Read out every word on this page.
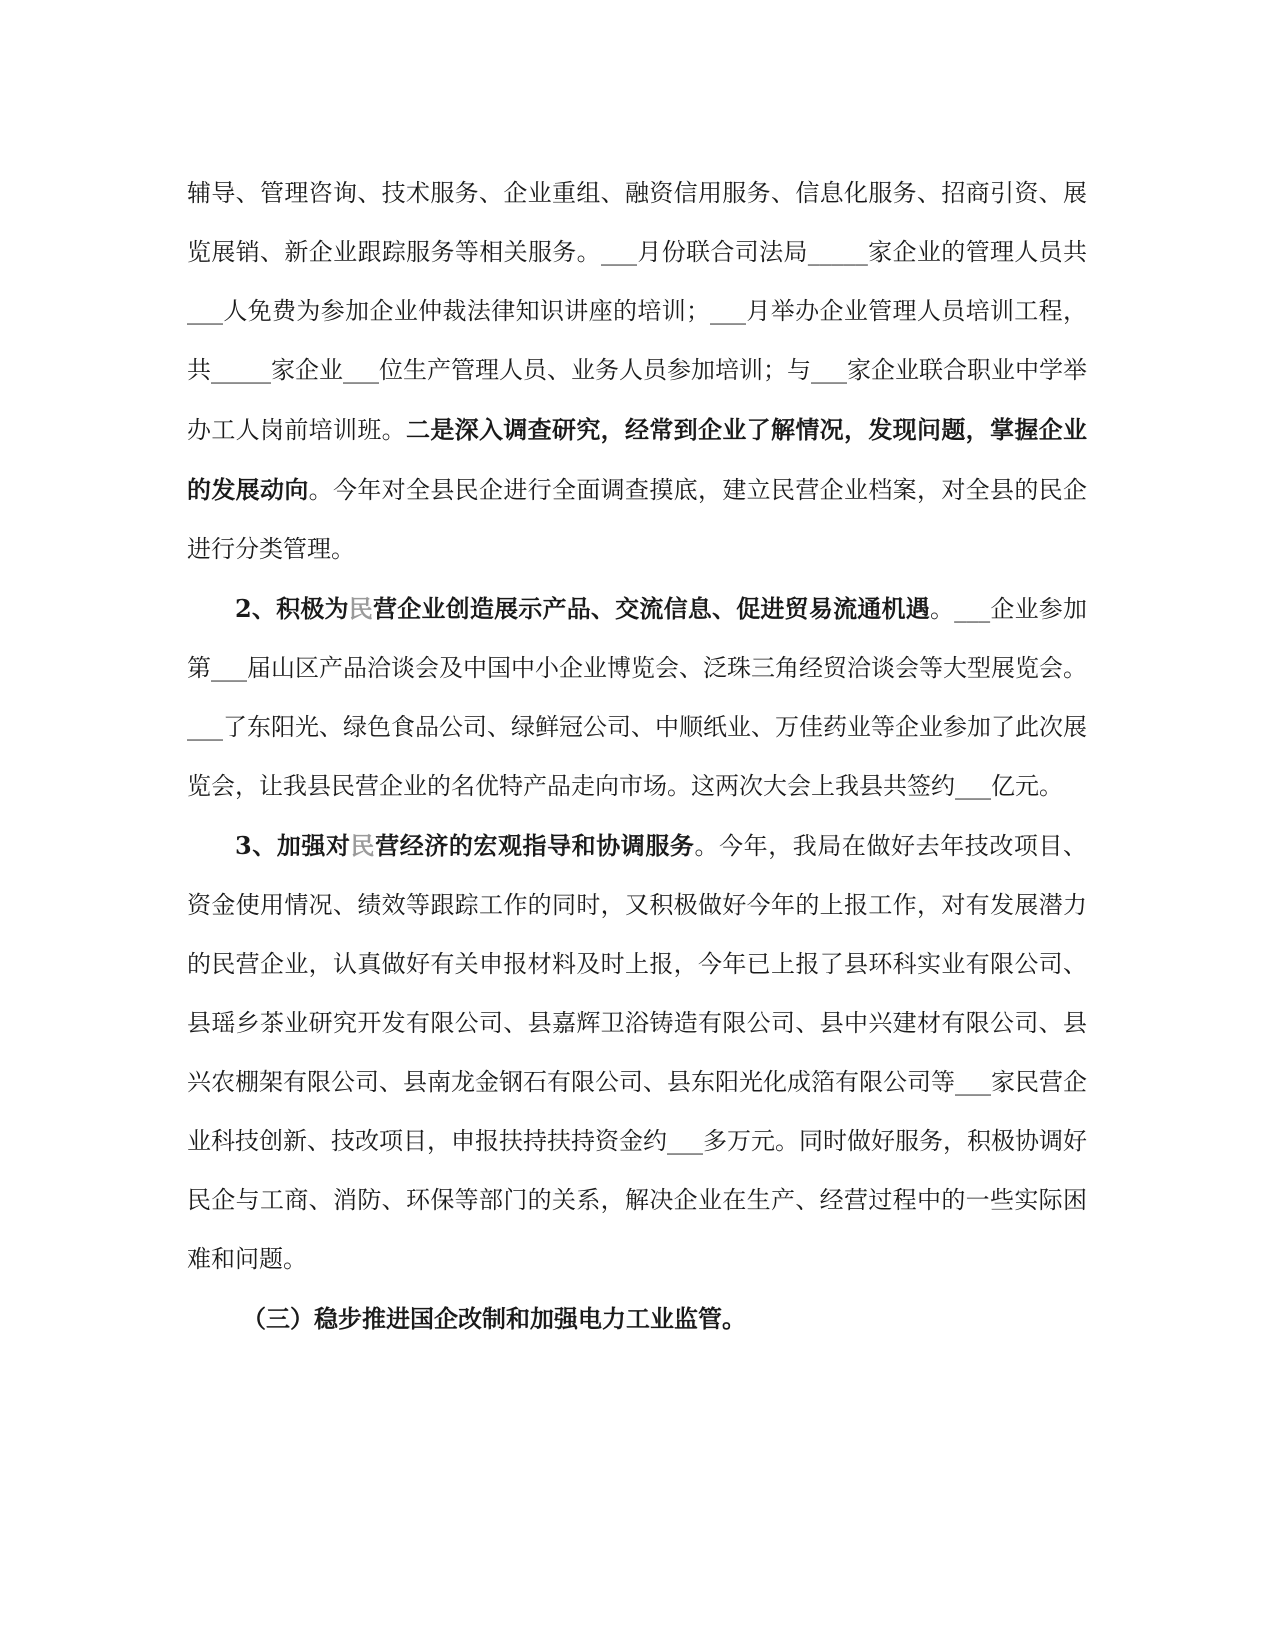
辅导、管理咨询、技术服务、企业重组、融资信用服务、信息化服务、招商引资、展览展销、新企业跟踪服务等相关服务。___月份联合司法局_____家企业的管理人员共___人免费为参加企业仲裁法律知识讲座的培训；___月举办企业管理人员培训工程，共_____家企业___位生产管理人员、业务人员参加培训；与___家企业联合职业中学举办工人岗前培训班。二是深入调查研究，经常到企业了解情况，发现问题，掌握企业的发展动向。今年对全县民企进行全面调查摸底，建立民营企业档案，对全县的民企进行分类管理。

2、积极为民营企业创造展示产品、交流信息、促进贸易流通机遇。___企业参加第___届山区产品洽谈会及中国中小企业博览会、泛珠三角经贸洽谈会等大型展览会。___了东阳光、绿色食品公司、绿鲜冠公司、中顺纸业、万佳药业等企业参加了此次展览会，让我县民营企业的名优特产品走向市场。这两次大会上我县共签约___亿元。

3、加强对民营经济的宏观指导和协调服务。今年，我局在做好去年技改项目、资金使用情况、绩效等跟踪工作的同时，又积极做好今年的上报工作，对有发展潜力的民营企业，认真做好有关申报材料及时上报，今年已上报了县环科实业有限公司、县瑶乡茶业研究开发有限公司、县嘉辉卫浴铸造有限公司、县中兴建材有限公司、县兴农棚架有限公司、县南龙金钢石有限公司、县东阳光化成箔有限公司等___家民营企业科技创新、技改项目，申报扶持扶持资金约___多万元。同时做好服务，积极协调好民企与工商、消防、环保等部门的关系，解决企业在生产、经营过程中的一些实际困难和问题。

（三）稳步推进国企改制和加强电力工业监管。
